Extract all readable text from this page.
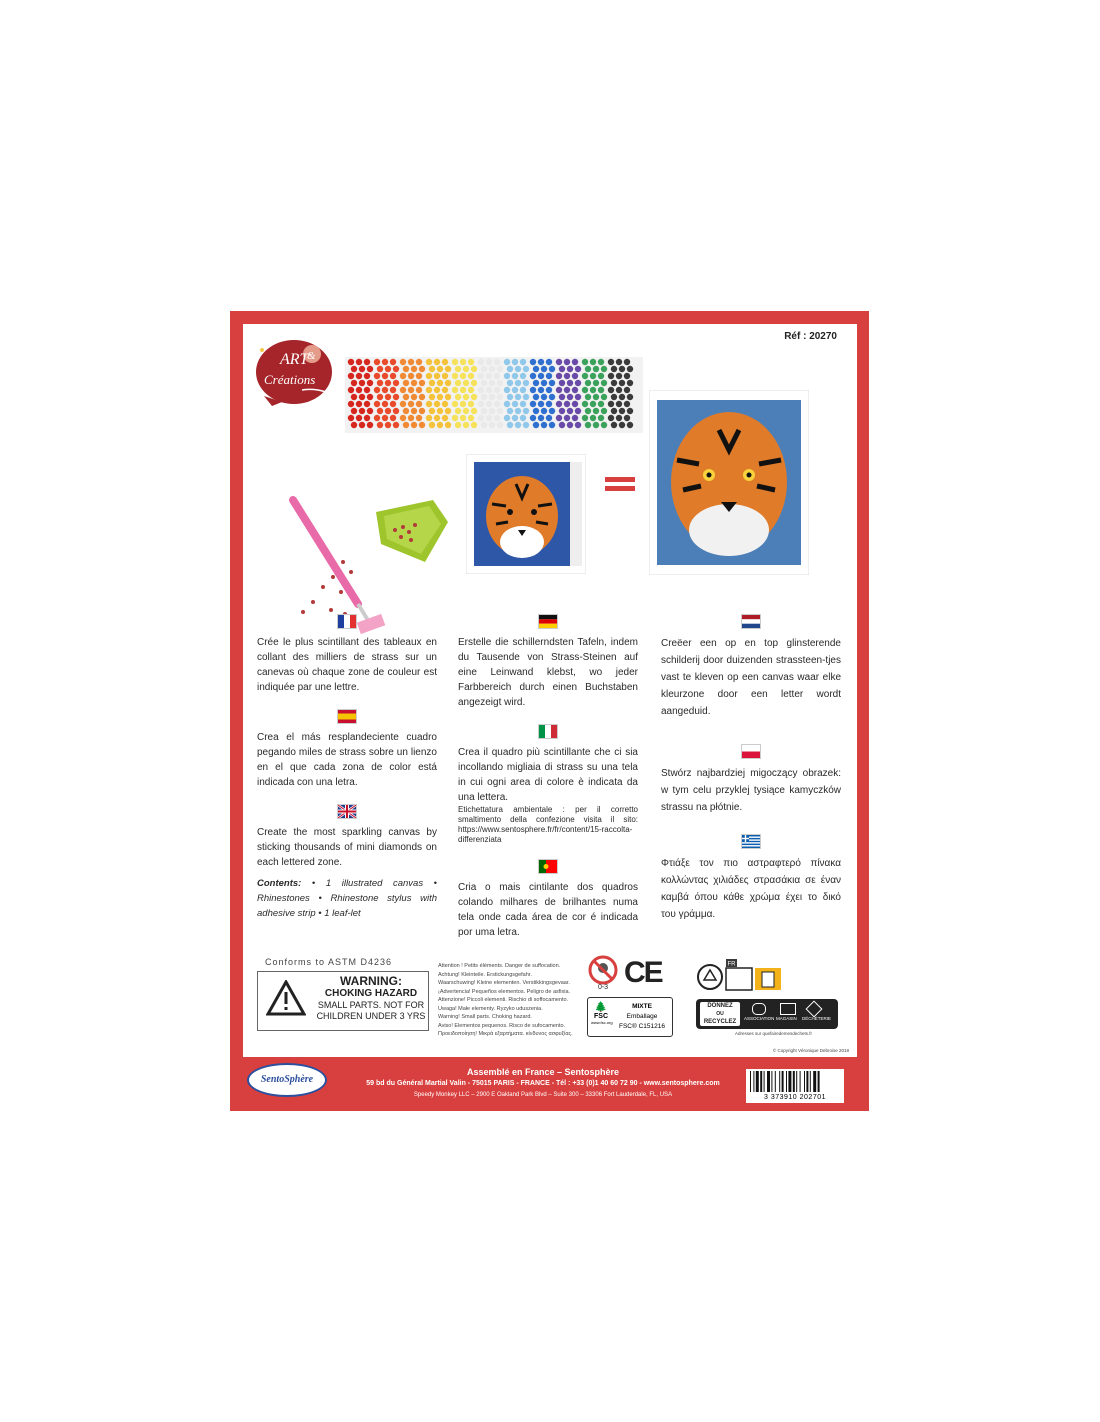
Réf : 20270
ART
&
Créations

Crée le plus scintillant des tableaux en collant des milliers de strass sur un canevas où chaque zone de couleur est indiquée par une lettre.

Crea el más resplandeciente cuadro pegando miles de strass sobre un lienzo en el que cada zona de color está indicada con una letra.

Create the most sparkling canvas by sticking thousands of mini diamonds on each lettered zone.

Contents: • 1 illustrated canvas • Rhinestones • Rhinestone stylus with adhesive strip • 1 leaf-let

Erstelle die schillerndsten Tafeln, indem du Tausende von Strass-Steinen auf eine Leinwand klebst, wo jeder Farbbereich durch einen Buchstaben angezeigt wird.

Crea il quadro più scintillante che ci sia incollando migliaia di strass su una tela in cui ogni area di colore è indicata da una lettera.

Etichettatura ambientale : per il corretto smaltimento della confezione visita il sito: https://www.sentosphere.fr/fr/content/15-raccolta-differenziata

Cria o mais cintilante dos quadros colando milhares de brilhantes numa tela onde cada área de cor é indicada por uma letra.

Creëer een op en top glinsterende schilderij door duizenden strassteen-tjes vast te kleven op een canvas waar elke kleurzone door een letter wordt aangeduid.

Stwórz najbardziej migoczący obrazek: w tym celu przyklej tysiące kamyczków strassu na płótnie.

Φτιάξε τον πιο αστραφτερό πίνακα κολλώντας χιλιάδες στρασάκια σε έναν καμβά όπου κάθε χρώμα έχει το δικό του γράμμα.

Conforms to ASTM D4236
WARNING:
CHOKING HAZARD
SMALL PARTS. NOT FOR
CHILDREN UNDER 3 YRS
Attention ! Petits éléments. Danger de suffocation.
Achtung! Kleinteile. Erstickungsgefahr.
Waarschuwing! Kleine elementen. Verstikkingsgevaar.
¡Advertencia! Pequeños elementos. Peligro de asfixia.
Attenzione! Piccoli elementi. Rischio di soffocamento.
Uwaga! Małe elementy. Ryzyko uduszenia.
Warning! Small parts. Choking hazard.
Aviso! Elementos pequenos. Risco de sufocamento.
Προειδοποίηση! Μικρά εξαρτήματα. κίνδυνος ασφυξίας.
0-3 CE
🌲
FSC
www.fsc.org
MIXTE
Emballage
FSC® C151216
FR
DONNEZ
OU
RECYCLEZ
ASSOCIATION MAGASIN DÉCHÈTERIE
Adresses sur quefairedemesdechets.fr
© Copyright Véronique Debroise 2018
SentoSphère
Assemblé en France – Sentosphère
59 bd du Général Martial Valin - 75015 PARIS - FRANCE - Tél : +33 (0)1 40 60 72 90 - www.sentosphere.com
Speedy Monkey LLC – 2900 E Oakland Park Blvd – Suite 300 – 33306 Fort Lauderdale, FL, USA	3 373910 202701
